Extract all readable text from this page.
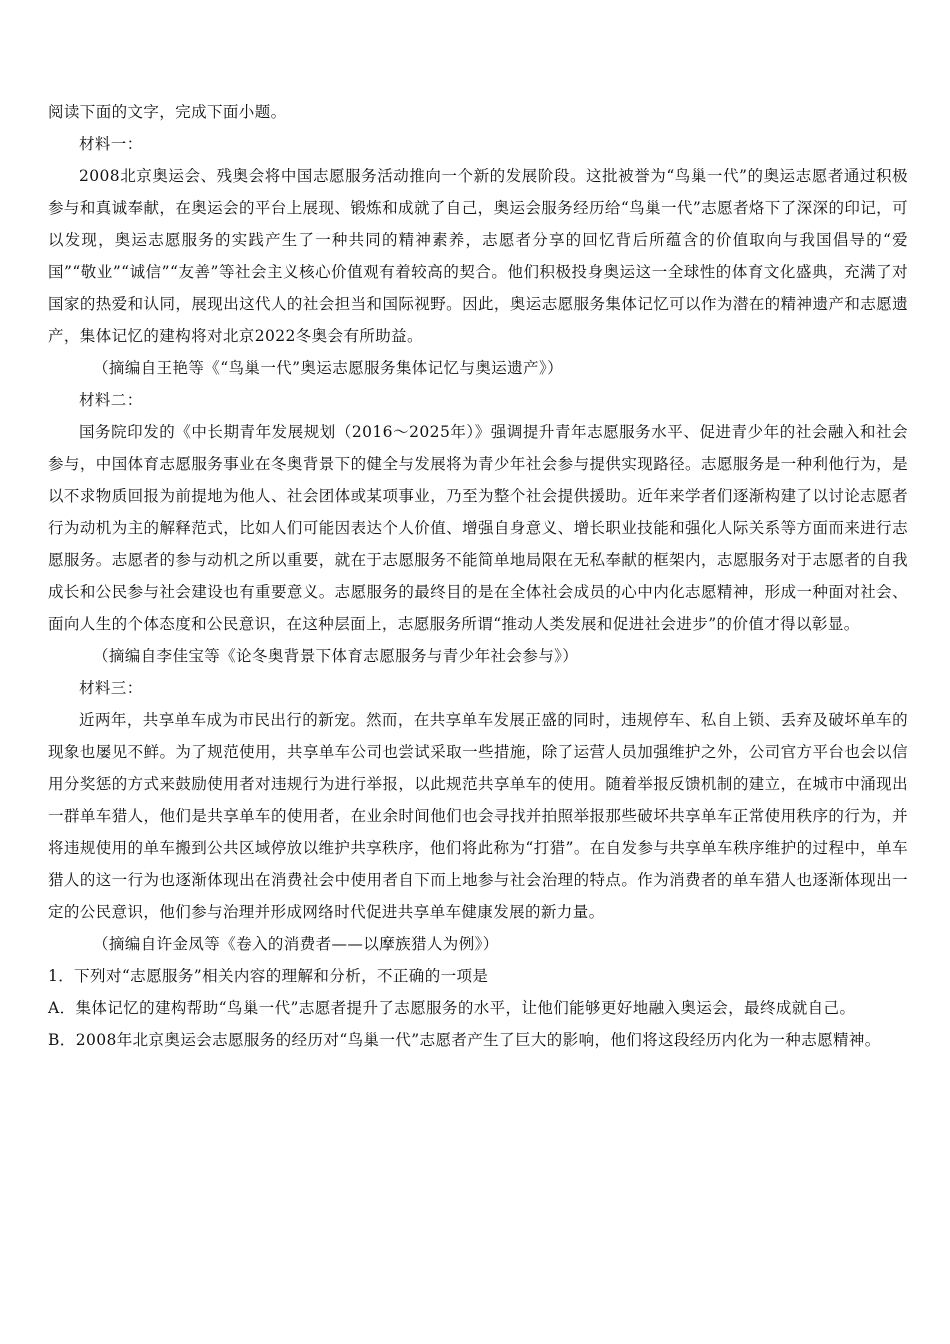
阅读下面的文字，完成下面小题。

材料一：

2008北京奥运会、残奥会将中国志愿服务活动推向一个新的发展阶段。这批被誉为“鸟巢一代”的奥运志愿者通过积极参与和真诚奉献，在奥运会的平台上展现、锻炼和成就了自己，奥运会服务经历给“鸟巢一代”志愿者烙下了深深的印记，可以发现，奥运志愿服务的实践产生了一种共同的精神素养，志愿者分享的回忆背后所蕴含的价值取向与我国倡导的“爱国”“敬业”“诚信”“友善”等社会主义核心价值观有着较高的契合。他们积极投身奥运这一全球性的体育文化盛典，充满了对国家的热爱和认同，展现出这代人的社会担当和国际视野。因此，奥运志愿服务集体记忆可以作为潜在的精神遗产和志愿遗产，集体记忆的建构将对北京2022冬奥会有所助益。

（摘编自王艳等《“鸟巢一代”奥运志愿服务集体记忆与奥运遗产》）

材料二：

国务院印发的《中长期青年发展规划（2016～2025年）》强调提升青年志愿服务水平、促进青少年的社会融入和社会参与，中国体育志愿服务事业在冬奥背景下的健全与发展将为青少年社会参与提供实现路径。志愿服务是一种利他行为，是以不求物质回报为前提地为他人、社会团体或某项事业，乃至为整个社会提供援助。近年来学者们逐渐构建了以讨论志愿者行为动机为主的解释范式，比如人们可能因表达个人价值、增强自身意义、增长职业技能和强化人际关系等方面而来进行志愿服务。志愿者的参与动机之所以重要，就在于志愿服务不能简单地局限在无私奉献的框架内，志愿服务对于志愿者的自我成长和公民参与社会建设也有重要意义。志愿服务的最终目的是在全体社会成员的心中内化志愿精神，形成一种面对社会、面向人生的个体态度和公民意识，在这种层面上，志愿服务所谓“推动人类发展和促进社会进步”的价值才得以彰显。

（摘编自李佳宝等《论冬奥背景下体育志愿服务与青少年社会参与》）

材料三：

近两年，共享单车成为市民出行的新宠。然而，在共享单车发展正盛的同时，违规停车、私自上锁、丢弃及破坏单车的现象也屡见不鲜。为了规范使用，共享单车公司也尝试采取一些措施，除了运营人员加强维护之外，公司官方平台也会以信用分奖惩的方式来鼓励使用者对违规行为进行举报，以此规范共享单车的使用。随着举报反馈机制的建立，在城市中涌现出一群单车猎人，他们是共享单车的使用者，在业余时间他们也会寻找并拍照举报那些破坏共享单车正常使用秩序的行为，并将违规使用的单车搬到公共区域停放以维护共享秩序，他们将此称为“打猎”。在自发参与共享单车秩序维护的过程中，单车猎人的这一行为也逐渐体现出在消费社会中使用者自下而上地参与社会治理的特点。作为消费者的单车猎人也逐渐体现出一定的公民意识，他们参与治理并形成网络时代促进共享单车健康发展的新力量。

（摘编自许金凤等《卷入的消费者——以摩族猎人为例》）

1．下列对“志愿服务”相关内容的理解和分析，不正确的一项是

A．集体记忆的建构帮助“鸟巢一代”志愿者提升了志愿服务的水平，让他们能够更好地融入奥运会，最终成就自己。

B．2008年北京奥运会志愿服务的经历对“鸟巢一代”志愿者产生了巨大的影响，他们将这段经历内化为一种志愿精神。
